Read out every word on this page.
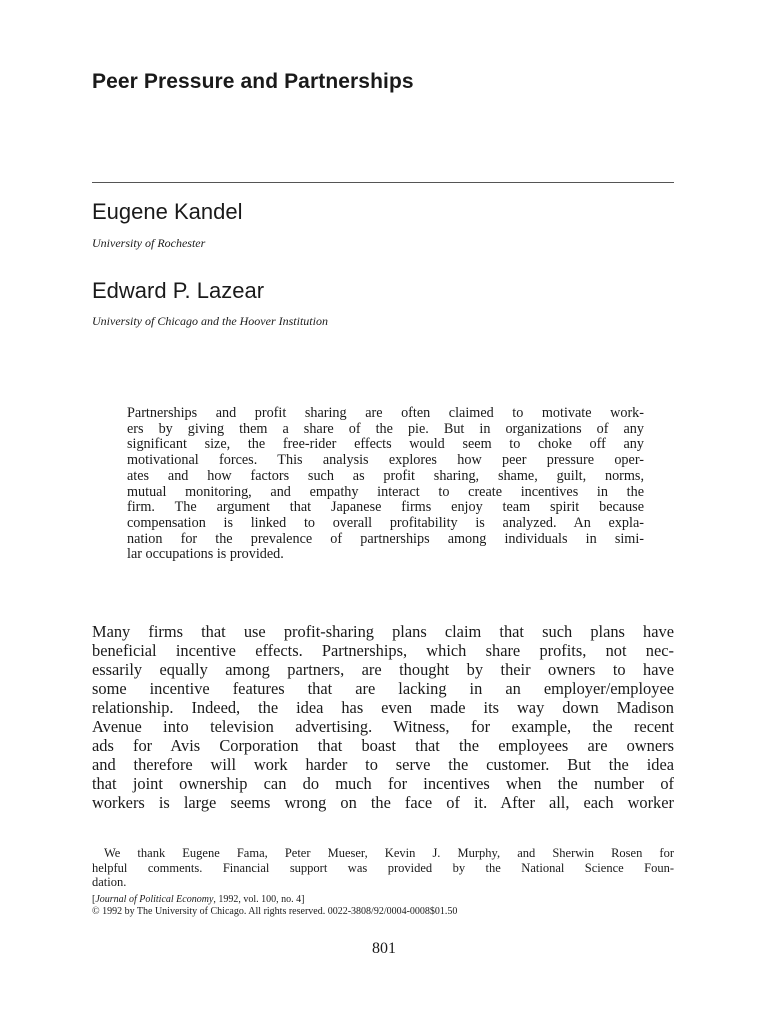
Peer Pressure and Partnerships
Eugene Kandel

University of Rochester

Edward P. Lazear

University of Chicago and the Hoover Institution

Partnerships and profit sharing are often claimed to motivate work-
ers by giving them a share of the pie. But in organizations of any
significant size, the free-rider effects would seem to choke off any
motivational forces. This analysis explores how peer pressure oper-
ates and how factors such as profit sharing, shame, guilt, norms,
mutual monitoring, and empathy interact to create incentives in the
firm. The argument that Japanese firms enjoy team spirit because
compensation is linked to overall profitability is analyzed. An expla-
nation for the prevalence of partnerships among individuals in simi-
lar occupations is provided.
Many firms that use profit-sharing plans claim that such plans have
beneficial incentive effects. Partnerships, which share profits, not nec-
essarily equally among partners, are thought by their owners to have
some incentive features that are lacking in an employer/employee
relationship. Indeed, the idea has even made its way down Madison
Avenue into television advertising. Witness, for example, the recent
ads for Avis Corporation that boast that the employees are owners
and therefore will work harder to serve the customer. But the idea
that joint ownership can do much for incentives when the number of
workers is large seems wrong on the face of it. After all, each worker
We thank Eugene Fama, Peter Mueser, Kevin J. Murphy, and Sherwin Rosen for
helpful comments. Financial support was provided by the National Science Foun-
dation.
[Journal of Political Economy, 1992, vol. 100, no. 4]
© 1992 by The University of Chicago. All rights reserved. 0022-3808/92/0004-0008$01.50

801
